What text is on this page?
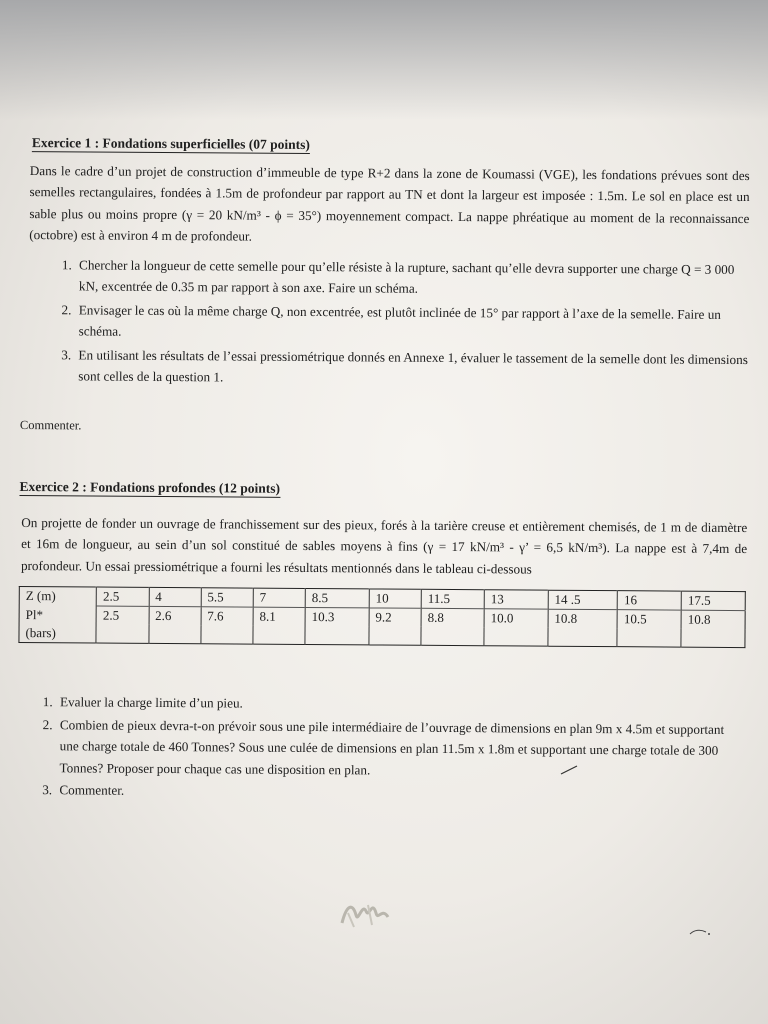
Exercice 1 : Fondations superficielles (07 points)

Dans le cadre d’un projet de construction d’immeuble de type R+2 dans la zone de Koumassi (VGE), les fondations prévues sont des semelles rectangulaires, fondées à 1.5m de profondeur par rapport au TN et dont la largeur est imposée : 1.5m. Le sol en place est un sable plus ou moins propre (γ = 20 kN/m³ - ϕ = 35°) moyennement compact. La nappe phréatique au moment de la reconnaissance (octobre) est à environ 4 m de profondeur.

1. Chercher la longueur de cette semelle pour qu’elle résiste à la rupture, sachant qu’elle devra supporter une charge Q = 3 000 kN, excentrée de 0.35 m par rapport à son axe. Faire un schéma.
2. Envisager le cas où la même charge Q, non excentrée, est plutôt inclinée de 15° par rapport à l’axe de la semelle. Faire un schéma.
3. En utilisant les résultats de l’essai pressiométrique donnés en Annexe 1, évaluer le tassement de la semelle dont les dimensions sont celles de la question 1.

Commenter.

Exercice 2 : Fondations profondes (12 points)

On projette de fonder un ouvrage de franchissement sur des pieux, forés à la tarière creuse et entièrement chemisés, de 1 m de diamètre et 16m de longueur, au sein d’un sol constitué de sables moyens à fins (γ = 17 kN/m³ - γ’ = 6,5 kN/m³). La nappe est à 7,4m de profondeur. Un essai pressiométrique a fourni les résultats mentionnés dans le tableau ci-dessous

Z (m)	2.5	4	5.5	7	8.5	10	11.5	13	14 .5	16	17.5
Pl*	2.5	2.6	7.6	8.1	10.3	9.2	8.8	10.0	10.8	10.5	10.8
(bars)											
1. Evaluer la charge limite d’un pieu.
2. Combien de pieux devra-t-on prévoir sous une pile intermédiaire de l’ouvrage de dimensions en plan 9m x 4.5m et supportant une charge totale de 460 Tonnes? Sous une culée de dimensions en plan 11.5m x 1.8m et supportant une charge totale de 300 Tonnes? Proposer pour chaque cas une disposition en plan.
3. Commenter.
